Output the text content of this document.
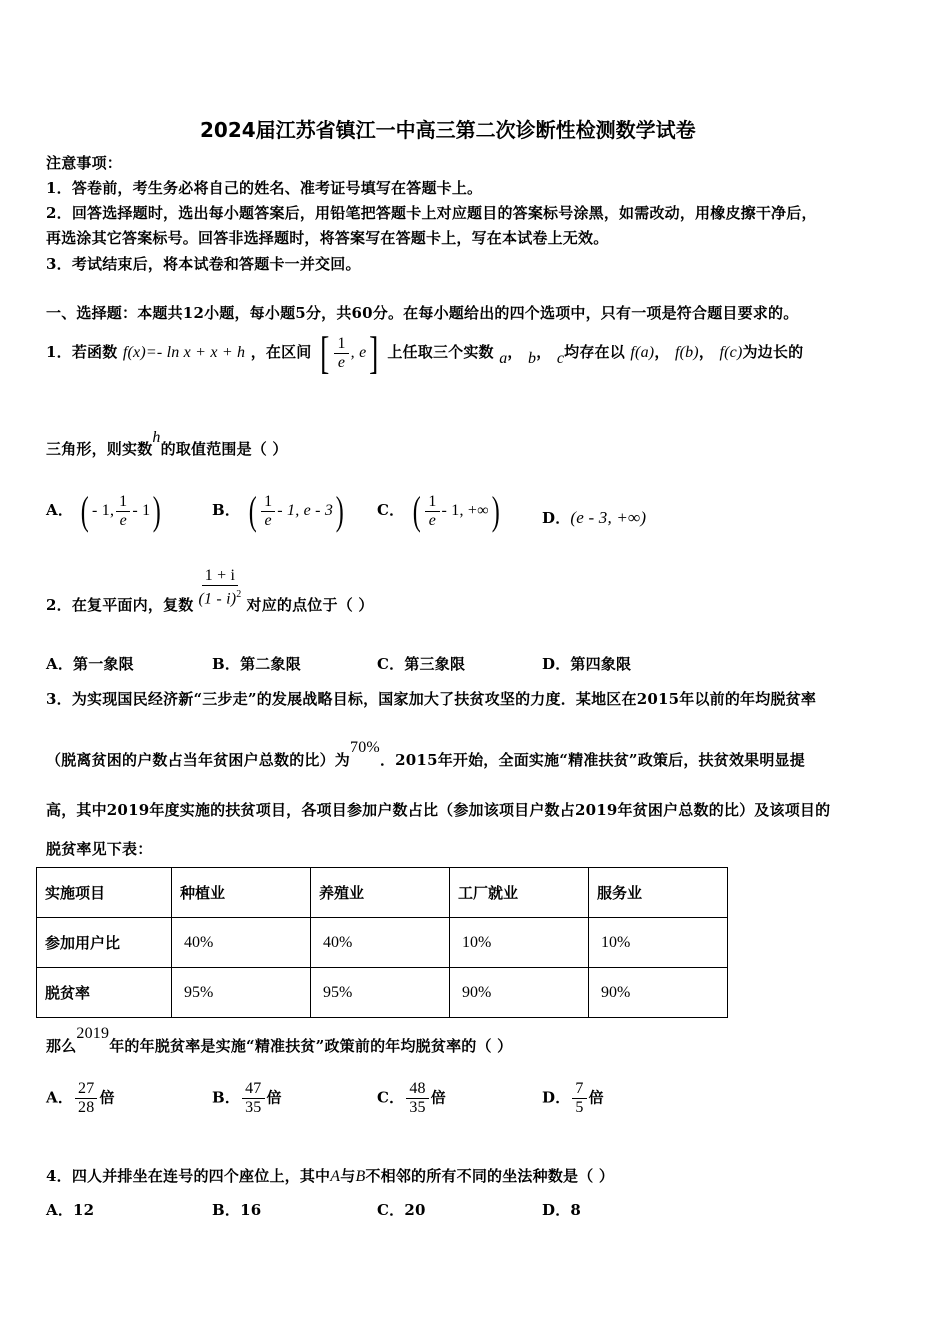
2024届江苏省镇江一中高三第二次诊断性检测数学试卷
注意事项：
1．答卷前，考生务必将自己的姓名、准考证号填写在答题卡上。
2．回答选择题时，选出每小题答案后，用铅笔把答题卡上对应题目的答案标号涂黑，如需改动，用橡皮擦干净后，
再选涂其它答案标号。回答非选择题时，将答案写在答题卡上，写在本试卷上无效。
3．考试结束后，将本试卷和答题卡一并交回。
一、选择题：本题共12小题，每小题5分，共60分。在每小题给出的四个选项中，只有一项是符合题目要求的。
1．若函数 f(x)=- ln x + x + h ，在区间 [ $\frac{1}{e}$ , e] 上任取三个实数 a， b， c均存在以 f(a)， f(b)， f(c)为边长的
三角形，则实数h的取值范围是（ ）
A． ( - 1, $\frac{1}{e} - 1$)	B． ( $\frac{1}{e} - 1$, e - 3) C． ( $\frac{1}{e} - 1$, +∞)	D．(e - 3, +∞)
2．在复平面内，复数 $\frac{1 + i}{(1 - i)^2}$ 对应的点位于（ ）
A．第一象限	B．第二象限	C．第三象限	D．第四象限
3．为实现国民经济新“三步走”的发展战略目标，国家加大了扶贫攻坚的力度．某地区在2015年以前的年均脱贫率
（脱离贫困的户数占当年贫困户总数的比）为70%．2015年开始，全面实施“精准扶贫”政策后，扶贫效果明显提
高，其中2019年度实施的扶贫项目，各项目参加户数占比（参加该项目户数占2019年贫困户总数的比）及该项目的
脱贫率见下表：
实施项目	种植业	养殖业	工厂就业	服务业
参加用户比	40%	40%	10%	10%
脱贫率	95%	95%	90%	90%
那么2019年的年脱贫率是实施“精准扶贫”政策前的年均脱贫率的（ ）
A． $\frac{27}{28}$ 倍	B． $\frac{47}{35}$ 倍	C． $\frac{48}{35}$ 倍	D． $\frac{7}{5}$ 倍
4．四人并排坐在连号的四个座位上，其中A与B不相邻的所有不同的坐法种数是（ ）
A．12	B．16	C．20	D．8
